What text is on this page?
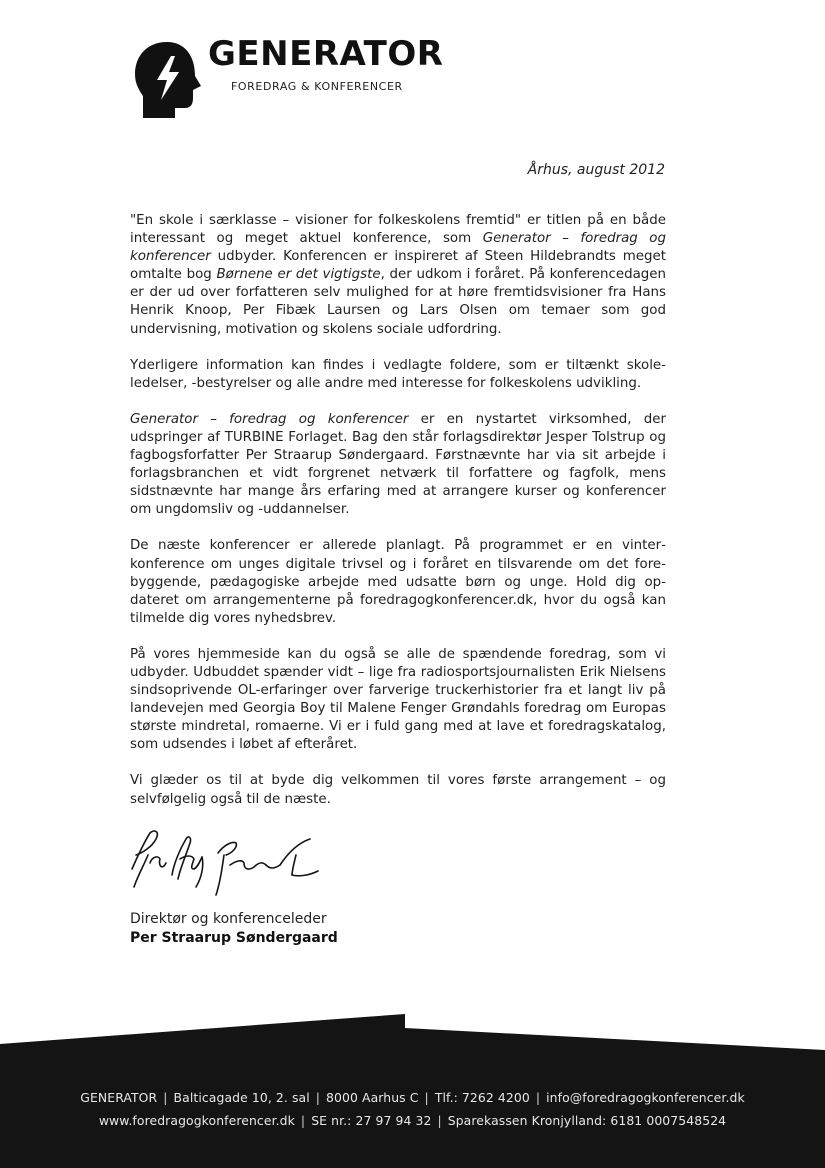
GENERATOR
FOREDRAG & KONFERENCER
Århus, august 2012

"En skole i særklasse – visioner for folkeskolens fremtid" er titlen på en både interessant og meget aktuel konference, som Generator – foredrag og konferencer udbyder. Konferencen er inspireret af Steen Hildebrandts meget omtalte bog Børnene er det vigtigste, der udkom i foråret. På konferencedagen er der ud over forfatteren selv mulighed for at høre fremtidsvisioner fra Hans Henrik Knoop, Per Fibæk Laursen og Lars Olsen om temaer som god undervisning, motivation og skolens sociale udfordring.

Yderligere information kan findes i vedlagte foldere, som er tiltænkt skoleledelser, -bestyrelser og alle andre med interesse for folkeskolens udvikling.

Generator – foredrag og konferencer er en nystartet virksomhed, der udspringer af TURBINE Forlaget. Bag den står forlagsdirektør Jesper Tolstrup og fagbogsforfatter Per Straarup Søndergaard. Førstnævnte har via sit arbejde i forlagsbranchen et vidt forgrenet netværk til forfattere og fagfolk, mens sidstnævnte har mange års erfaring med at arrangere kurser og konferencer om ungdomsliv og -uddannelser.

De næste konferencer er allerede planlagt. På programmet er en vinterkonference om unges digitale trivsel og i foråret en tilsvarende om det forebyggende, pædagogiske arbejde med udsatte børn og unge. Hold dig opdateret om arrangementerne på foredragogkonferencer.dk, hvor du også kan tilmelde dig vores nyhedsbrev.

På vores hjemmeside kan du også se alle de spændende foredrag, som vi udbyder. Udbuddet spænder vidt – lige fra radiosportsjournalisten Erik Nielsens sindsoprivende OL-erfaringer over farverige truckerhistorier fra et langt liv på landevejen med Georgia Boy til Malene Fenger Grøndahls foredrag om Europas største mindretal, romaerne. Vi er i fuld gang med at lave et foredragskatalog, som udsendes i løbet af efteråret.

Vi glæder os til at byde dig velkommen til vores første arrangement – og selvfølgelig også til de næste.

Direktør og konferenceleder
Per Straarup Søndergaard
GENERATOR | Balticagade 10, 2. sal | 8000 Aarhus C | Tlf.: 7262 4200 | info@foredragogkonferencer.dk
www.foredragogkonferencer.dk | SE nr.: 27 97 94 32 | Sparekassen Kronjylland: 6181 0007548524
